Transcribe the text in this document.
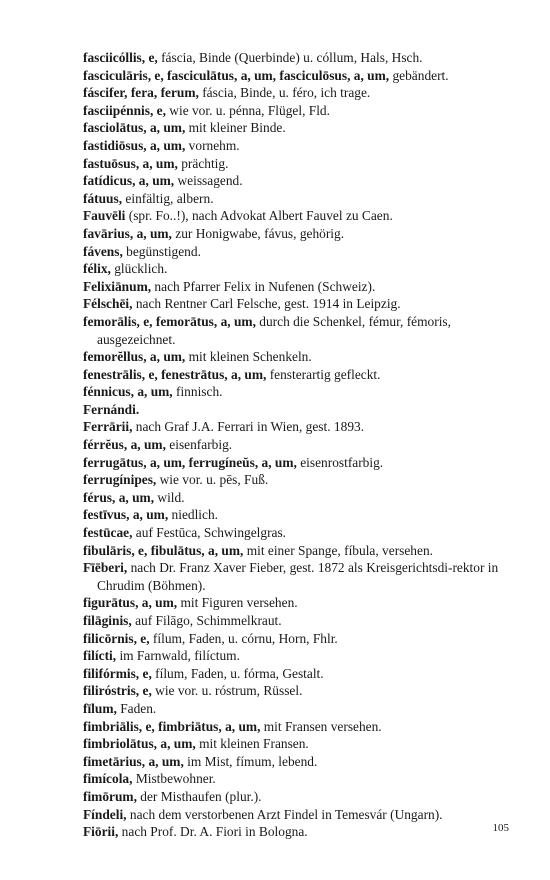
fasciicóllis, e, fáscia, Binde (Querbinde) u. cóllum, Hals, Hsch.

fasciculāris, e, fasciculātus, a, um, fasciculōsus, a, um, gebändert.

fáscifer, fera, ferum, fáscia, Binde, u. féro, ich trage.

fasciipénnis, e, wie vor. u. pénna, Flügel, Fld.

fasciolātus, a, um, mit kleiner Binde.

fastidiōsus, a, um, vornehm.

fastuōsus, a, um, prächtig.

fatídicus, a, um, weissagend.

fátuus, einfältig, albern.

Fauvēli (spr. Fo..!), nach Advokat Albert Fauvel zu Caen.

favārius, a, um, zur Honigwabe, fávus, gehörig.

fávens, begünstigend.

félix, glücklich.

Felixiānum, nach Pfarrer Felix in Nufenen (Schweiz).

Félschēi, nach Rentner Carl Felsche, gest. 1914 in Leipzig.

femorālis, e, femorātus, a, um, durch die Schenkel, fémur, fémoris, ausgezeichnet.

femorĕllus, a, um, mit kleinen Schenkeln.

fenestrālis, e, fenestrātus, a, um, fensterartig gefleckt.

fénnicus, a, um, finnisch.

Fernándi.

Ferrārii, nach Graf J.A. Ferrari in Wien, gest. 1893.

férrĕus, a, um, eisenfarbig.

ferrugātus, a, um, ferrugíneŭs, a, um, eisenrostfarbig.

ferrugínipes, wie vor. u. pēs, Fuß.

férus, a, um, wild.

festīvus, a, um, niedlich.

festūcae, auf Festūca, Schwingelgras.

fibulāris, e, fibulātus, a, um, mit einer Spange, fíbula, versehen.

Fīēberi, nach Dr. Franz Xaver Fieber, gest. 1872 als Kreisgerichtsdi-rektor in Chrudim (Böhmen).

figurātus, a, um, mit Figuren versehen.

filāginis, auf Filāgo, Schimmelkraut.

filicōrnis, e, fílum, Faden, u. córnu, Horn, Fhlr.

filícti, im Farnwald, filíctum.

filifórmis, e, fílum, Faden, u. fórma, Gestalt.

filiróstris, e, wie vor. u. róstrum, Rüssel.

fīlum, Faden.

fimbriālis, e, fimbriātus, a, um, mit Fransen versehen.

fimbriolātus, a, um, mit kleinen Fransen.

fimetārius, a, um, im Mist, fímum, lebend.

fimícola, Mistbewohner.

fimōrum, der Misthaufen (plur.).

Fíndeli, nach dem verstorbenen Arzt Findel in Temesvár (Ungarn).

Fiōrii, nach Prof. Dr. A. Fiori in Bologna.	105
